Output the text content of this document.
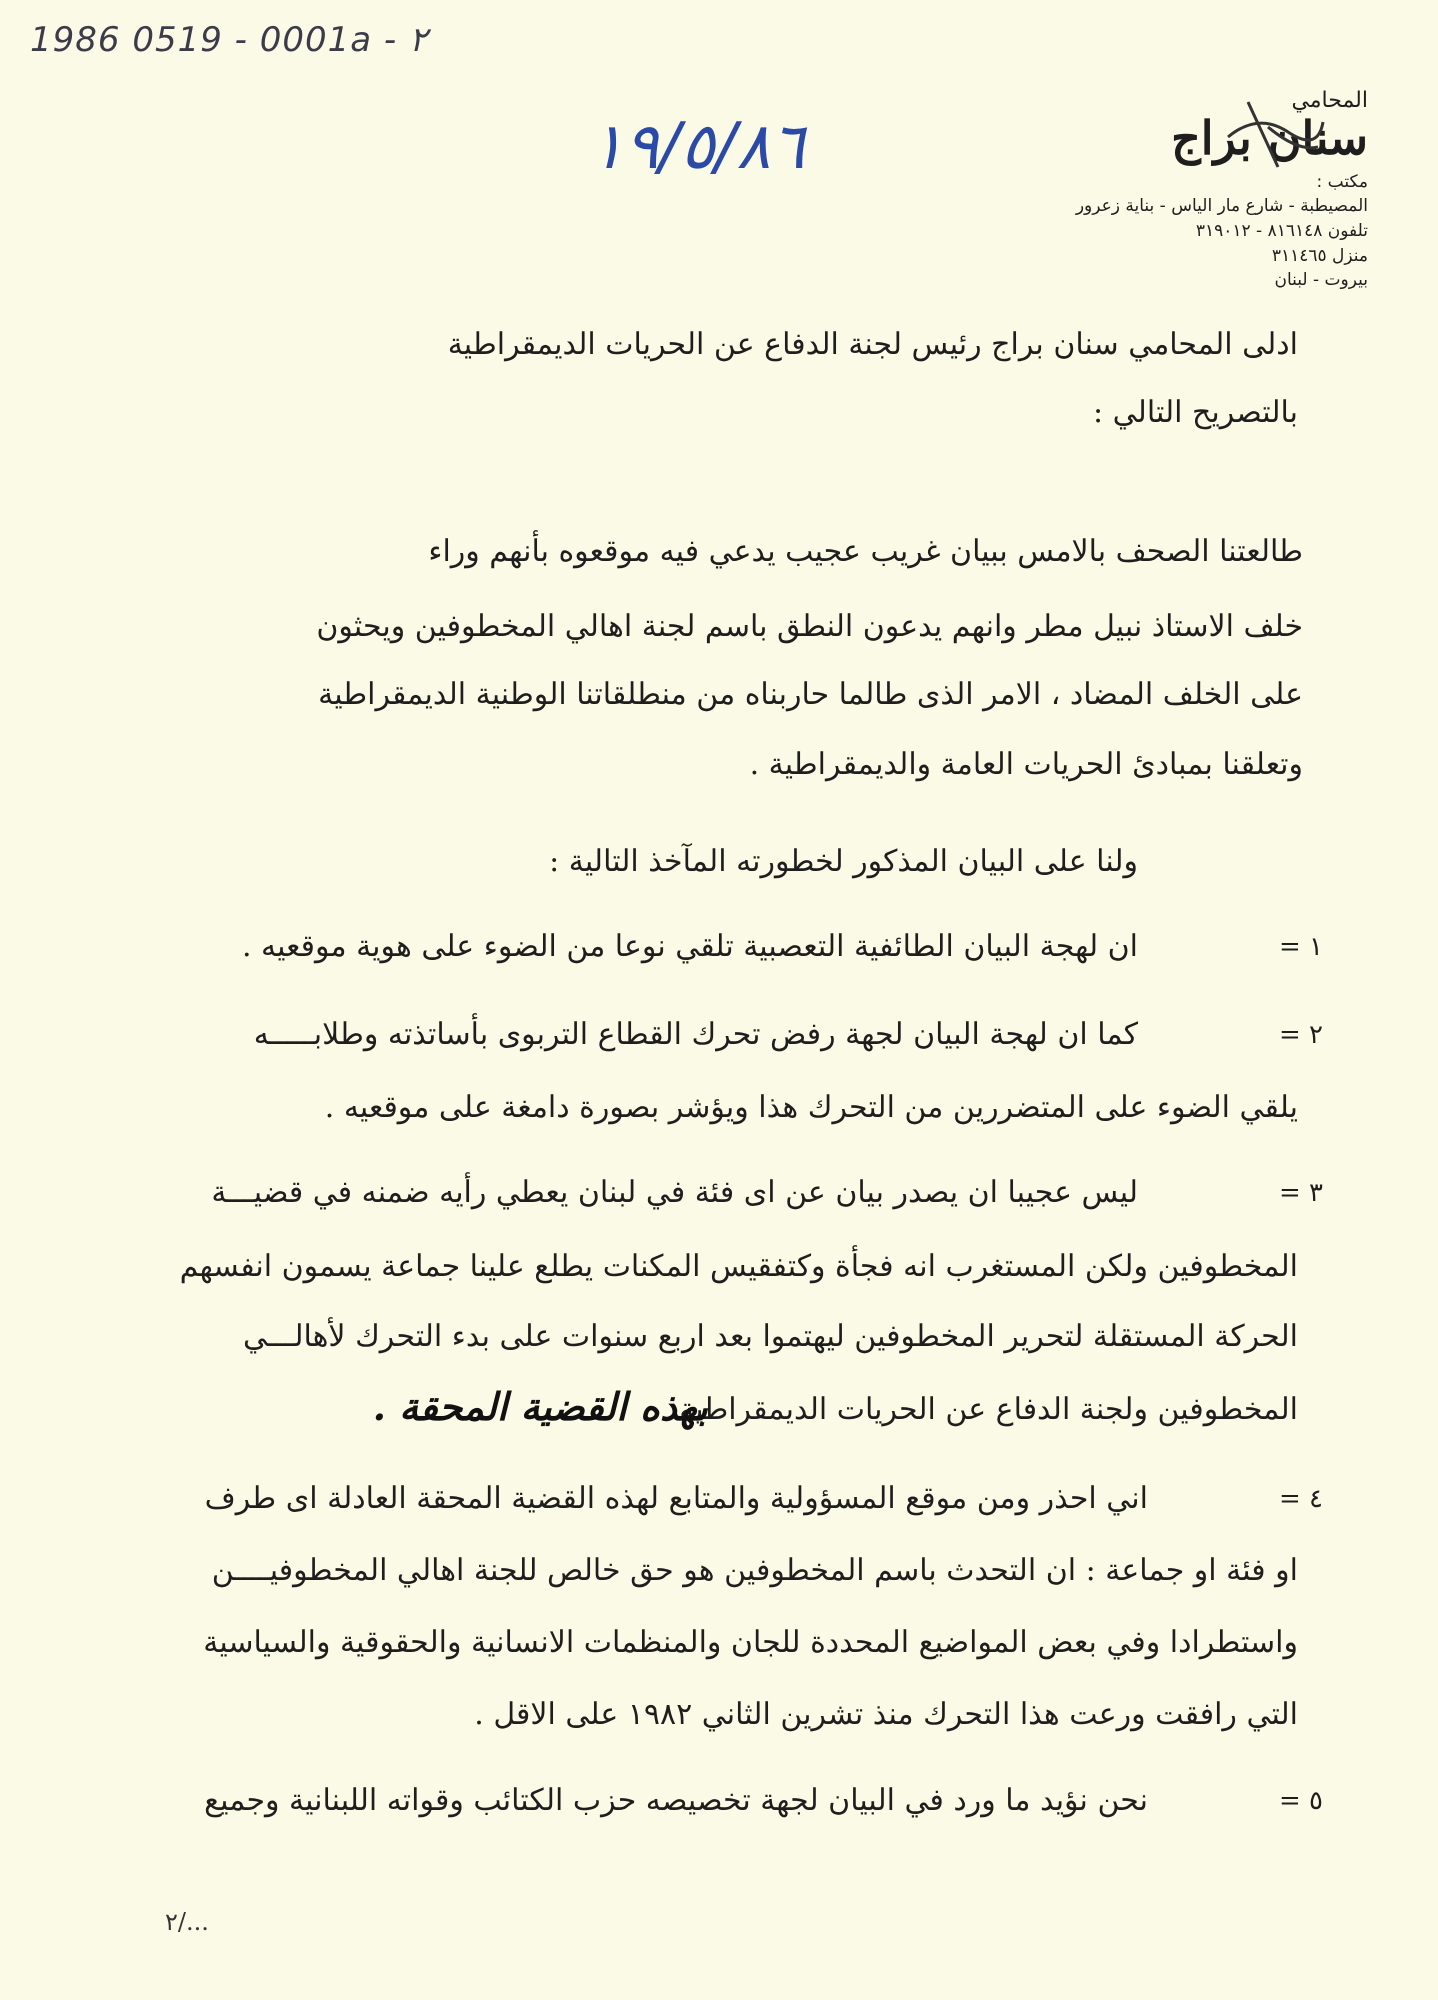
1986 0519 - 0001a - ٢
١٩/٥/٨٦
المحامي
سنان براج
مكتب :
المصيطبة - شارع مار الياس - بناية زعرور
تلفون ٨١٦١٤٨ - ٣١٩٠١٢
منزل ٣١١٤٦٥
بيروت - لبنان
ادلى المحامي سنان براج رئيس لجنة الدفاع عن الحريات الديمقراطية
بالتصريح التالي :
طالعتنا الصحف بالامس ببيان غريب عجيب يدعي فيه موقعوه بأنهم وراء
خلف الاستاذ نبيل مطر وانهم يدعون النطق باسم لجنة اهالي المخطوفين ويحثون
على الخلف المضاد ، الامر الذى طالما حاربناه من منطلقاتنا الوطنية الديمقراطية
وتعلقنا بمبادئ الحريات العامة والديمقراطية .
ولنا على البيان المذكور لخطورته المآخذ التالية :
١ =
ان لهجة البيان الطائفية التعصبية تلقي نوعا من الضوء على هوية موقعيه .
٢ =
كما ان لهجة البيان لجهة رفض تحرك القطاع التربوى بأساتذته وطلابـــــه
يلقي الضوء على المتضررين من التحرك هذا ويؤشر بصورة دامغة على موقعيه .
٣ =
ليس عجيبا ان يصدر بيان عن اى فئة في لبنان يعطي رأيه ضمنه في قضيـــة
المخطوفين ولكن المستغرب انه فجأة وكتفقيس المكنات يطلع علينا جماعة يسمون انفسهم
الحركة المستقلة لتحرير المخطوفين ليهتموا بعد اربع سنوات على بدء التحرك لأهالـــي
المخطوفين ولجنة الدفاع عن الحريات الديمقراطية
بهذه القضية المحقة .
٤ =
اني احذر ومن موقع المسؤولية والمتابع لهذه القضية المحقة العادلة اى طرف
او فئة او جماعة : ان التحدث باسم المخطوفين هو حق خالص للجنة اهالي المخطوفيــــن
واستطرادا وفي بعض المواضيع المحددة للجان والمنظمات الانسانية والحقوقية والسياسية
التي رافقت ورعت هذا التحرك منذ تشرين الثاني ١٩٨٢ على الاقل .
٥ =
نحن نؤيد ما ورد في البيان لجهة تخصيصه حزب الكتائب وقواته اللبنانية وجميع
٢/...
